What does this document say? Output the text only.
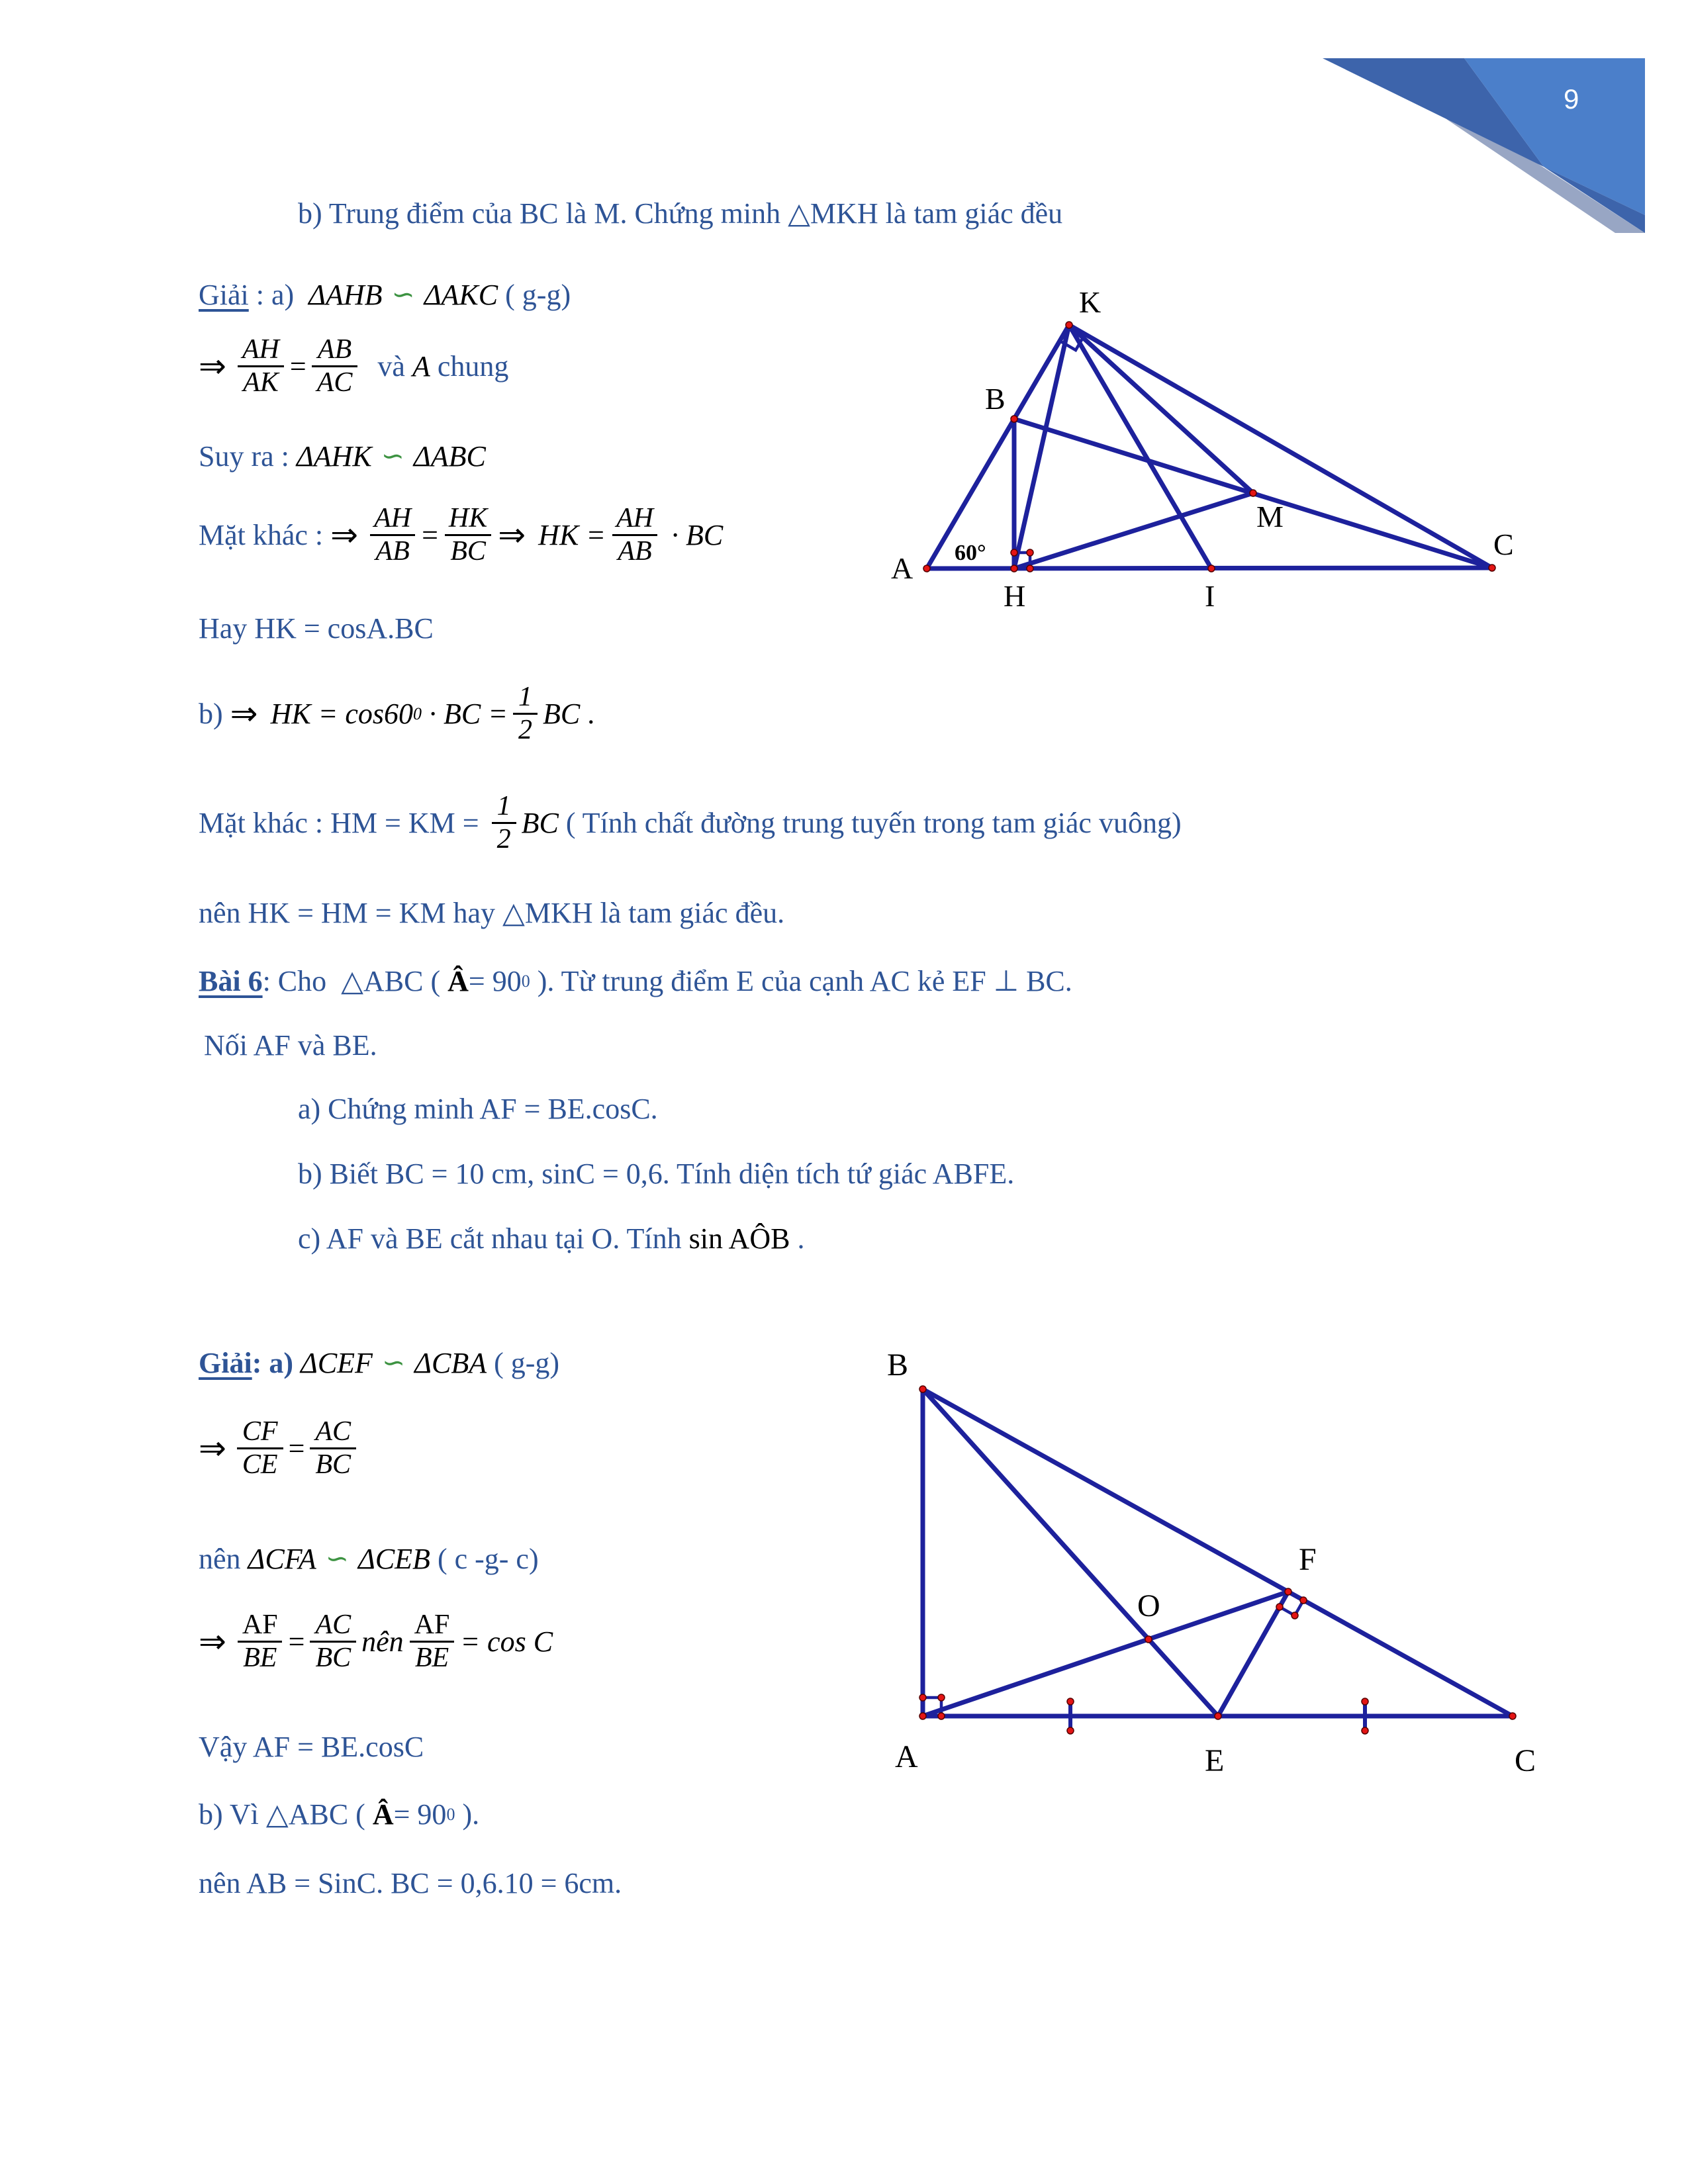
9
b) Trung điểm của BC là M. Chứng minh △MKH là tam giác đều
Giải : a) ΔAHB ∽ ΔAKC ( g-g)
⇒ $\frac{AH}{AK} = \frac{AB}{AC}$ và A chung
Suy ra : ΔAHK ∽ ΔABC
Mặt khác : ⇒ $\frac{AH}{AB} = \frac{HK}{BC}$ ⇒ HK = $\frac{AH}{AB}$ · BC
Hay HK = cosA.BC
b) ⇒ HK = cos60 0 · BC = $\frac{1}{2}$ BC .
Mặt khác : HM = KM = $\frac{1}{2}$ BC ( Tính chất đường trung tuyến trong tam giác vuông)
nên HK = HM = KM hay △MKH là tam giác đều.
Bài 6 : Cho  △ABC ( Â = 90 0 ). Từ trung điểm E của cạnh AC kẻ EF ⊥ BC.
Nối AF và BE.
a) Chứng minh AF = BE.cosC.
b) Biết BC = 10 cm, sinC = 0,6. Tính diện tích tứ giác ABFE.
c) AF và BE cắt nhau tại O. Tính sin AÔB .
Giải : a) ΔCEF ∽ ΔCBA ( g-g)
⇒ $\frac{CF}{CE} = \frac{AC}{BC}$
nên ΔCFA ∽ ΔCEB ( c -g- c)
⇒ $\frac{AF}{BE} = \frac{AC}{BC}$ nên $\frac{AF}{BE} = \cos C$
Vậy AF = BE.cosC
b) Vì △ABC ( Â = 90 0 ).
nên AB = SinC. BC = 0,6.10 = 6cm.
K
B
A
H	I
C
M
60°
B
A	E	C
F
O
